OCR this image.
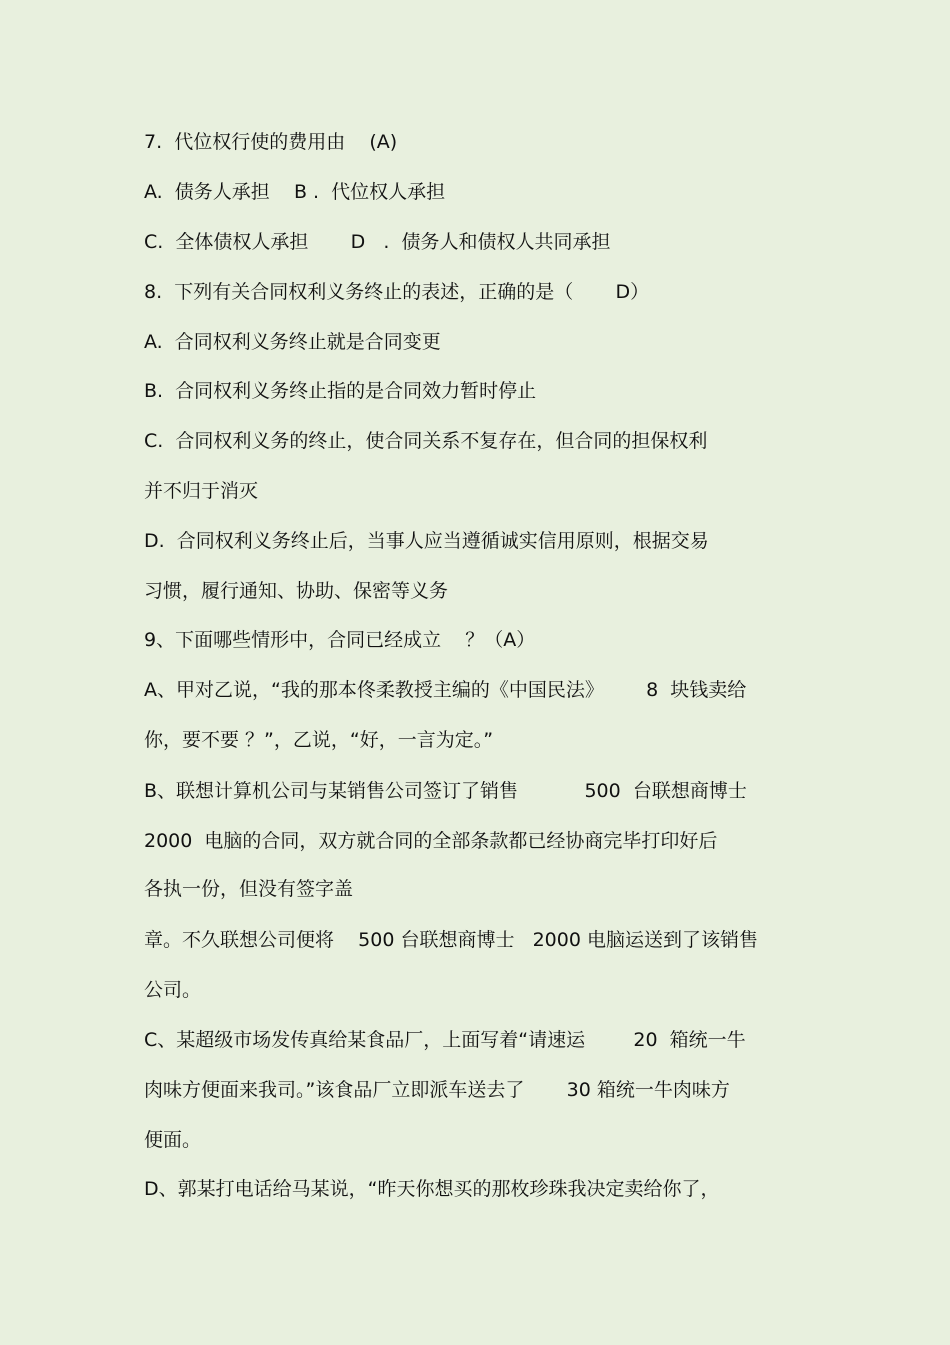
7.  代位权行使的费用由    (A)
A.  债务人承担    B .  代位权人承担
C.  全体债权人承担       D   .  债务人和债权人共同承担
8.  下列有关合同权利义务终止的表述，正确的是（       D）
A.  合同权利义务终止就是合同变更
B.  合同权利义务终止指的是合同效力暂时停止
C.  合同权利义务的终止，使合同关系不复存在，但合同的担保权利
并不归于消灭
D.  合同权利义务终止后，当事人应当遵循诚实信用原则，根据交易
习惯，履行通知、协助、保密等义务
9、下面哪些情形中，合同已经成立    ？（A）
A、甲对乙说，“我的那本佟柔教授主编的《中国民法》       8  块钱卖给
你，要不要 ？”，乙说，“好，一言为定。”
B、联想计算机公司与某销售公司签订了销售           500  台联想商博士
2000  电脑的合同，双方就合同的全部条款都已经协商完毕打印好后
各执一份，但没有签字盖
章。不久联想公司便将    500 台联想商博士   2000 电脑运送到了该销售
公司。
C、某超级市场发传真给某食品厂，上面写着“请速运        20  箱统一牛
肉味方便面来我司。”该食品厂立即派车送去了       30 箱统一牛肉味方
便面。
D、郭某打电话给马某说，“昨天你想买的那枚珍珠我决定卖给你了，
